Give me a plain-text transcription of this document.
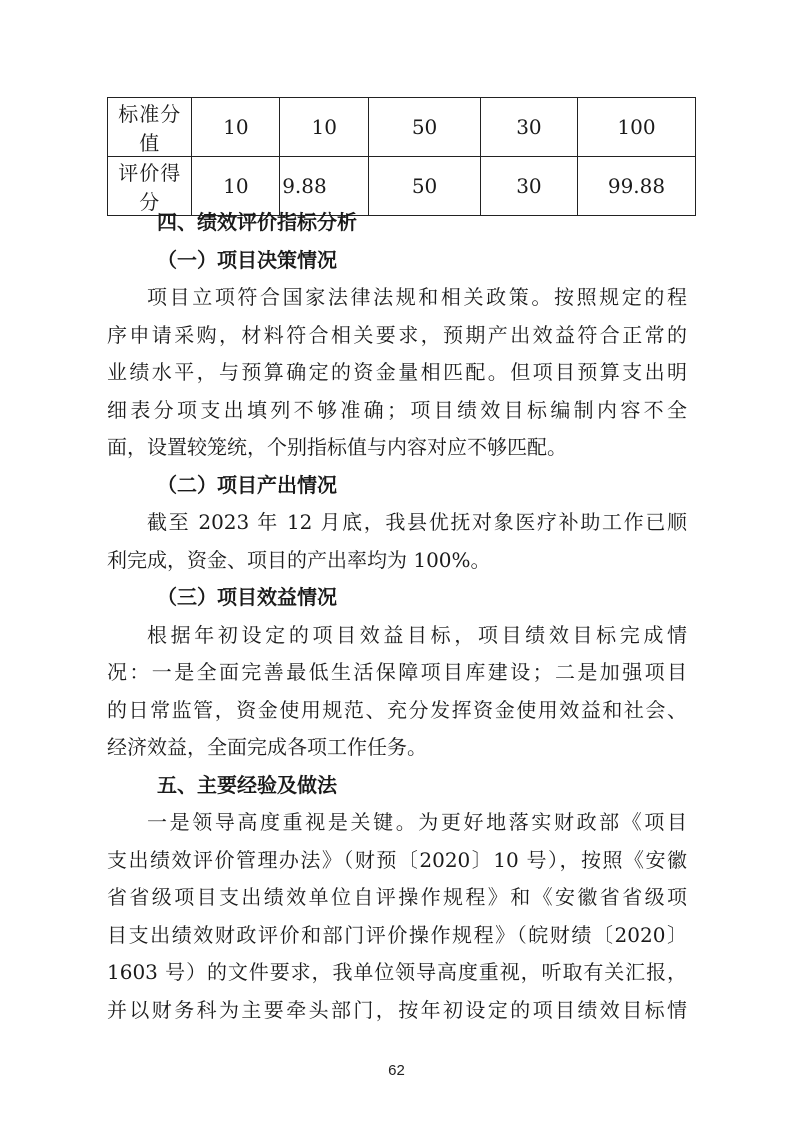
标准分值	10	10	50	30	100
评价得分	10	9.88	50	30	99.88

四、绩效评价指标分析

（一）项目决策情况

项目立项符合国家法律法规和相关政策。按照规定的程

序申请采购，材料符合相关要求，预期产出效益符合正常的

业绩水平，与预算确定的资金量相匹配。但项目预算支出明

细表分项支出填列不够准确；项目绩效目标编制内容不全

面，设置较笼统，个别指标值与内容对应不够匹配。

（二）项目产出情况

截至 2023 年 12 月底，我县优抚对象医疗补助工作已顺

利完成，资金、项目的产出率均为 100%。

（三）项目效益情况

根据年初设定的项目效益目标，项目绩效目标完成情

况：一是全面完善最低生活保障项目库建设；二是加强项目

的日常监管，资金使用规范、充分发挥资金使用效益和社会、

经济效益，全面完成各项工作任务。

五、主要经验及做法

一是领导高度重视是关键。为更好地落实财政部《项目

支出绩效评价管理办法》（财预〔2020〕10 号），按照《安徽

省省级项目支出绩效单位自评操作规程》和《安徽省省级项

目支出绩效财政评价和部门评价操作规程》（皖财绩〔2020〕

1603 号）的文件要求，我单位领导高度重视，听取有关汇报，

并以财务科为主要牵头部门，按年初设定的项目绩效目标情

62
